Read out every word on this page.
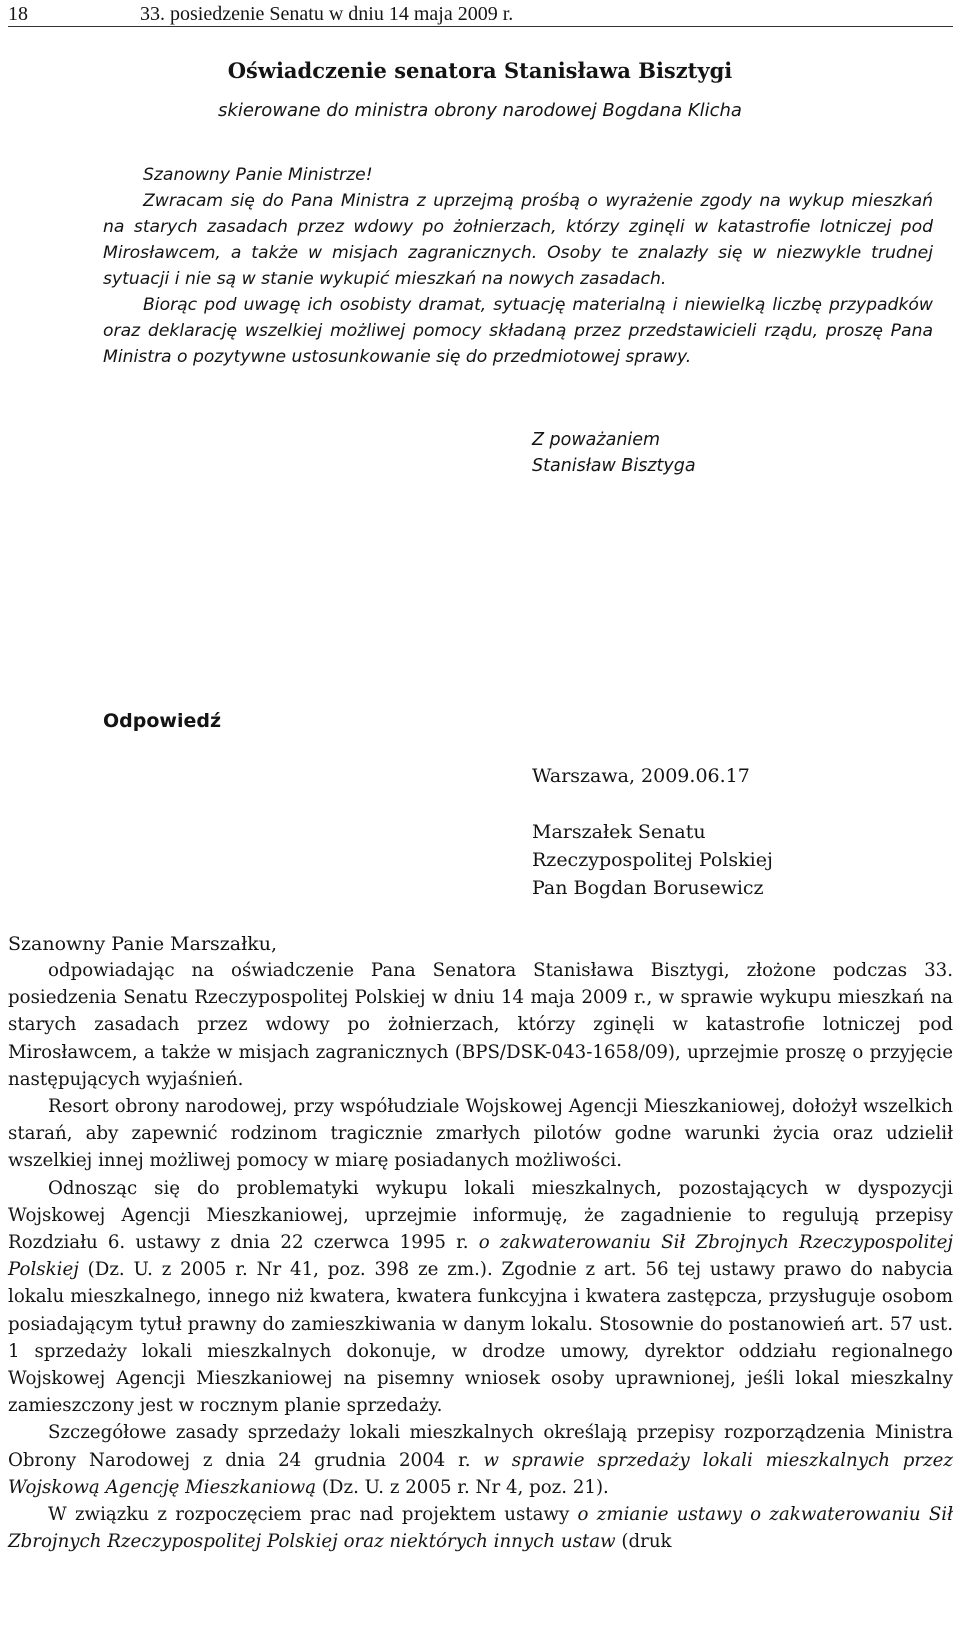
18	33. posiedzenie Senatu w dniu 14 maja 2009 r.
Oświadczenie senatora Stanisława Bisztygi
skierowane do ministra obrony narodowej Bogdana Klicha

Szanowny Panie Ministrze!

Zwracam się do Pana Ministra z uprzejmą prośbą o wyrażenie zgody na wykup mieszkań na starych zasadach przez wdowy po żołnierzach, którzy zginęli w katastrofie lotniczej pod Mirosławcem, a także w misjach zagranicznych. Osoby te znalazły się w niezwykle trudnej sytuacji i nie są w stanie wykupić mieszkań na nowych zasadach.

Biorąc pod uwagę ich osobisty dramat, sytuację materialną i niewielką liczbę przypadków oraz deklarację wszelkiej możliwej pomocy składaną przez przedstawicieli rządu, proszę Pana Ministra o pozytywne ustosunkowanie się do przedmiotowej sprawy.

Z poważaniem
Stanisław Bisztyga
Odpowiedź
Warszawa, 2009.06.17
Marszałek Senatu
Rzeczypospolitej Polskiej
Pan Bogdan Borusewicz
Szanowny Panie Marszałku,

odpowiadając na oświadczenie Pana Senatora Stanisława Bisztygi, złożone podczas 33. posiedzenia Senatu Rzeczypospolitej Polskiej w dniu 14 maja 2009 r., w sprawie wykupu mieszkań na starych zasadach przez wdowy po żołnierzach, którzy zginęli w katastrofie lotniczej pod Mirosławcem, a także w misjach zagranicznych (BPS/DSK-043-1658/09), uprzejmie proszę o przyjęcie następujących wyjaśnień.

Resort obrony narodowej, przy współudziale Wojskowej Agencji Mieszkaniowej, dołożył wszelkich starań, aby zapewnić rodzinom tragicznie zmarłych pilotów godne warunki życia oraz udzielił wszelkiej innej możliwej pomocy w miarę posiadanych możliwości.

Odnosząc się do problematyki wykupu lokali mieszkalnych, pozostających w dyspozycji Wojskowej Agencji Mieszkaniowej, uprzejmie informuję, że zagadnienie to regulują przepisy Rozdziału 6. ustawy z dnia 22 czerwca 1995 r. o zakwaterowaniu Sił Zbrojnych Rzeczypospolitej Polskiej (Dz. U. z 2005 r. Nr 41, poz. 398 ze zm.). Zgodnie z art. 56 tej ustawy prawo do nabycia lokalu mieszkalnego, innego niż kwatera, kwatera funkcyjna i kwatera zastępcza, przysługuje osobom posiadającym tytuł prawny do zamieszkiwania w danym lokalu. Stosownie do postanowień art. 57 ust. 1 sprzedaży lokali mieszkalnych dokonuje, w drodze umowy, dyrektor oddziału regionalnego Wojskowej Agencji Mieszkaniowej na pisemny wniosek osoby uprawnionej, jeśli lokal mieszkalny zamieszczony jest w rocznym planie sprzedaży.

Szczegółowe zasady sprzedaży lokali mieszkalnych określają przepisy rozporządzenia Ministra Obrony Narodowej z dnia 24 grudnia 2004 r. w sprawie sprzedaży lokali mieszkalnych przez Wojskową Agencję Mieszkaniową (Dz. U. z 2005 r. Nr 4, poz. 21).

W związku z rozpoczęciem prac nad projektem ustawy o zmianie ustawy o zakwaterowaniu Sił Zbrojnych Rzeczypospolitej Polskiej oraz niektórych innych ustaw (druk
